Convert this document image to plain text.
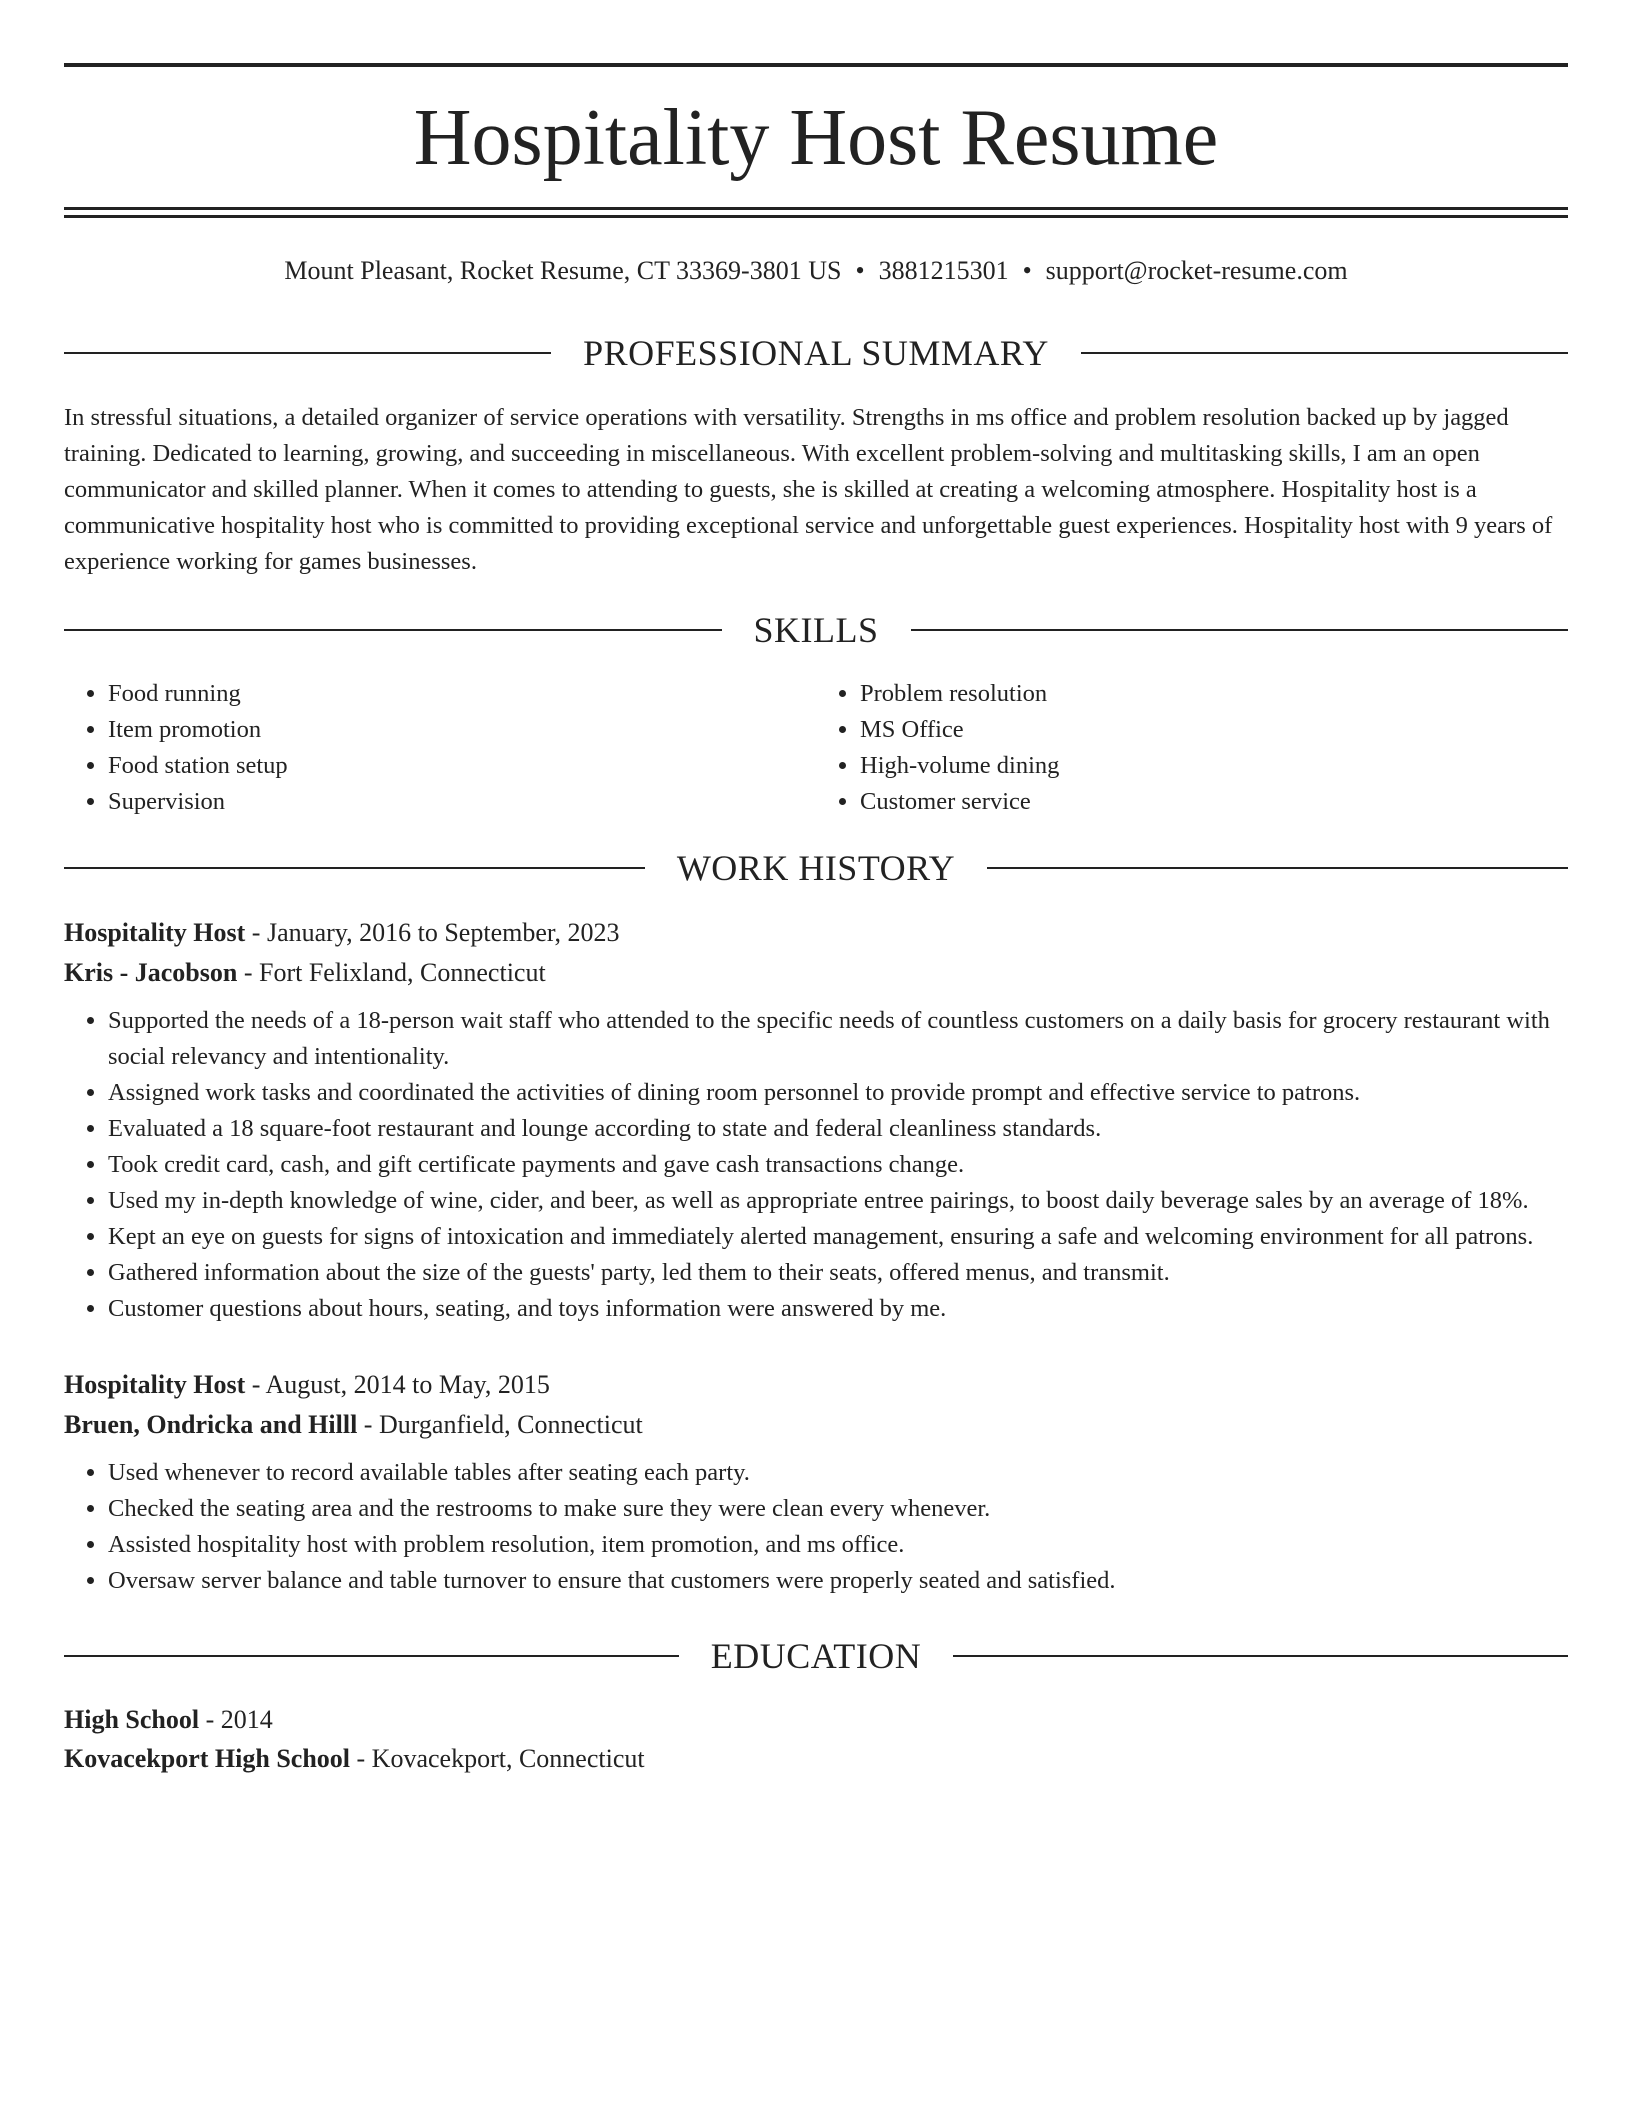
Hospitality Host Resume
Mount Pleasant, Rocket Resume, CT 33369-3801 US • 3881215301 • support@rocket-resume.com
PROFESSIONAL SUMMARY

In stressful situations, a detailed organizer of service operations with versatility. Strengths in ms office and problem resolution backed up by jagged training. Dedicated to learning, growing, and succeeding in miscellaneous. With excellent problem-solving and multitasking skills, I am an open communicator and skilled planner. When it comes to attending to guests, she is skilled at creating a welcoming atmosphere. Hospitality host is a communicative hospitality host who is committed to providing exceptional service and unforgettable guest experiences. Hospitality host with 9 years of experience working for games businesses.

SKILLS
• Food running
• Item promotion
• Food station setup
• Supervision
• Problem resolution
• MS Office
• High-volume dining
• Customer service
WORK HISTORY
Hospitality Host - January, 2016 to September, 2023
Kris - Jacobson - Fort Felixland, Connecticut
• Supported the needs of a 18-person wait staff who attended to the specific needs of countless customers on a daily basis for grocery restaurant with social relevancy and intentionality.
• Assigned work tasks and coordinated the activities of dining room personnel to provide prompt and effective service to patrons.
• Evaluated a 18 square-foot restaurant and lounge according to state and federal cleanliness standards.
• Took credit card, cash, and gift certificate payments and gave cash transactions change.
• Used my in-depth knowledge of wine, cider, and beer, as well as appropriate entree pairings, to boost daily beverage sales by an average of 18%.
• Kept an eye on guests for signs of intoxication and immediately alerted management, ensuring a safe and welcoming environment for all patrons.
• Gathered information about the size of the guests' party, led them to their seats, offered menus, and transmit.
• Customer questions about hours, seating, and toys information were answered by me.
Hospitality Host - August, 2014 to May, 2015
Bruen, Ondricka and Hilll - Durganfield, Connecticut
• Used whenever to record available tables after seating each party.
• Checked the seating area and the restrooms to make sure they were clean every whenever.
• Assisted hospitality host with problem resolution, item promotion, and ms office.
• Oversaw server balance and table turnover to ensure that customers were properly seated and satisfied.
EDUCATION
High School - 2014
Kovacekport High School - Kovacekport, Connecticut
